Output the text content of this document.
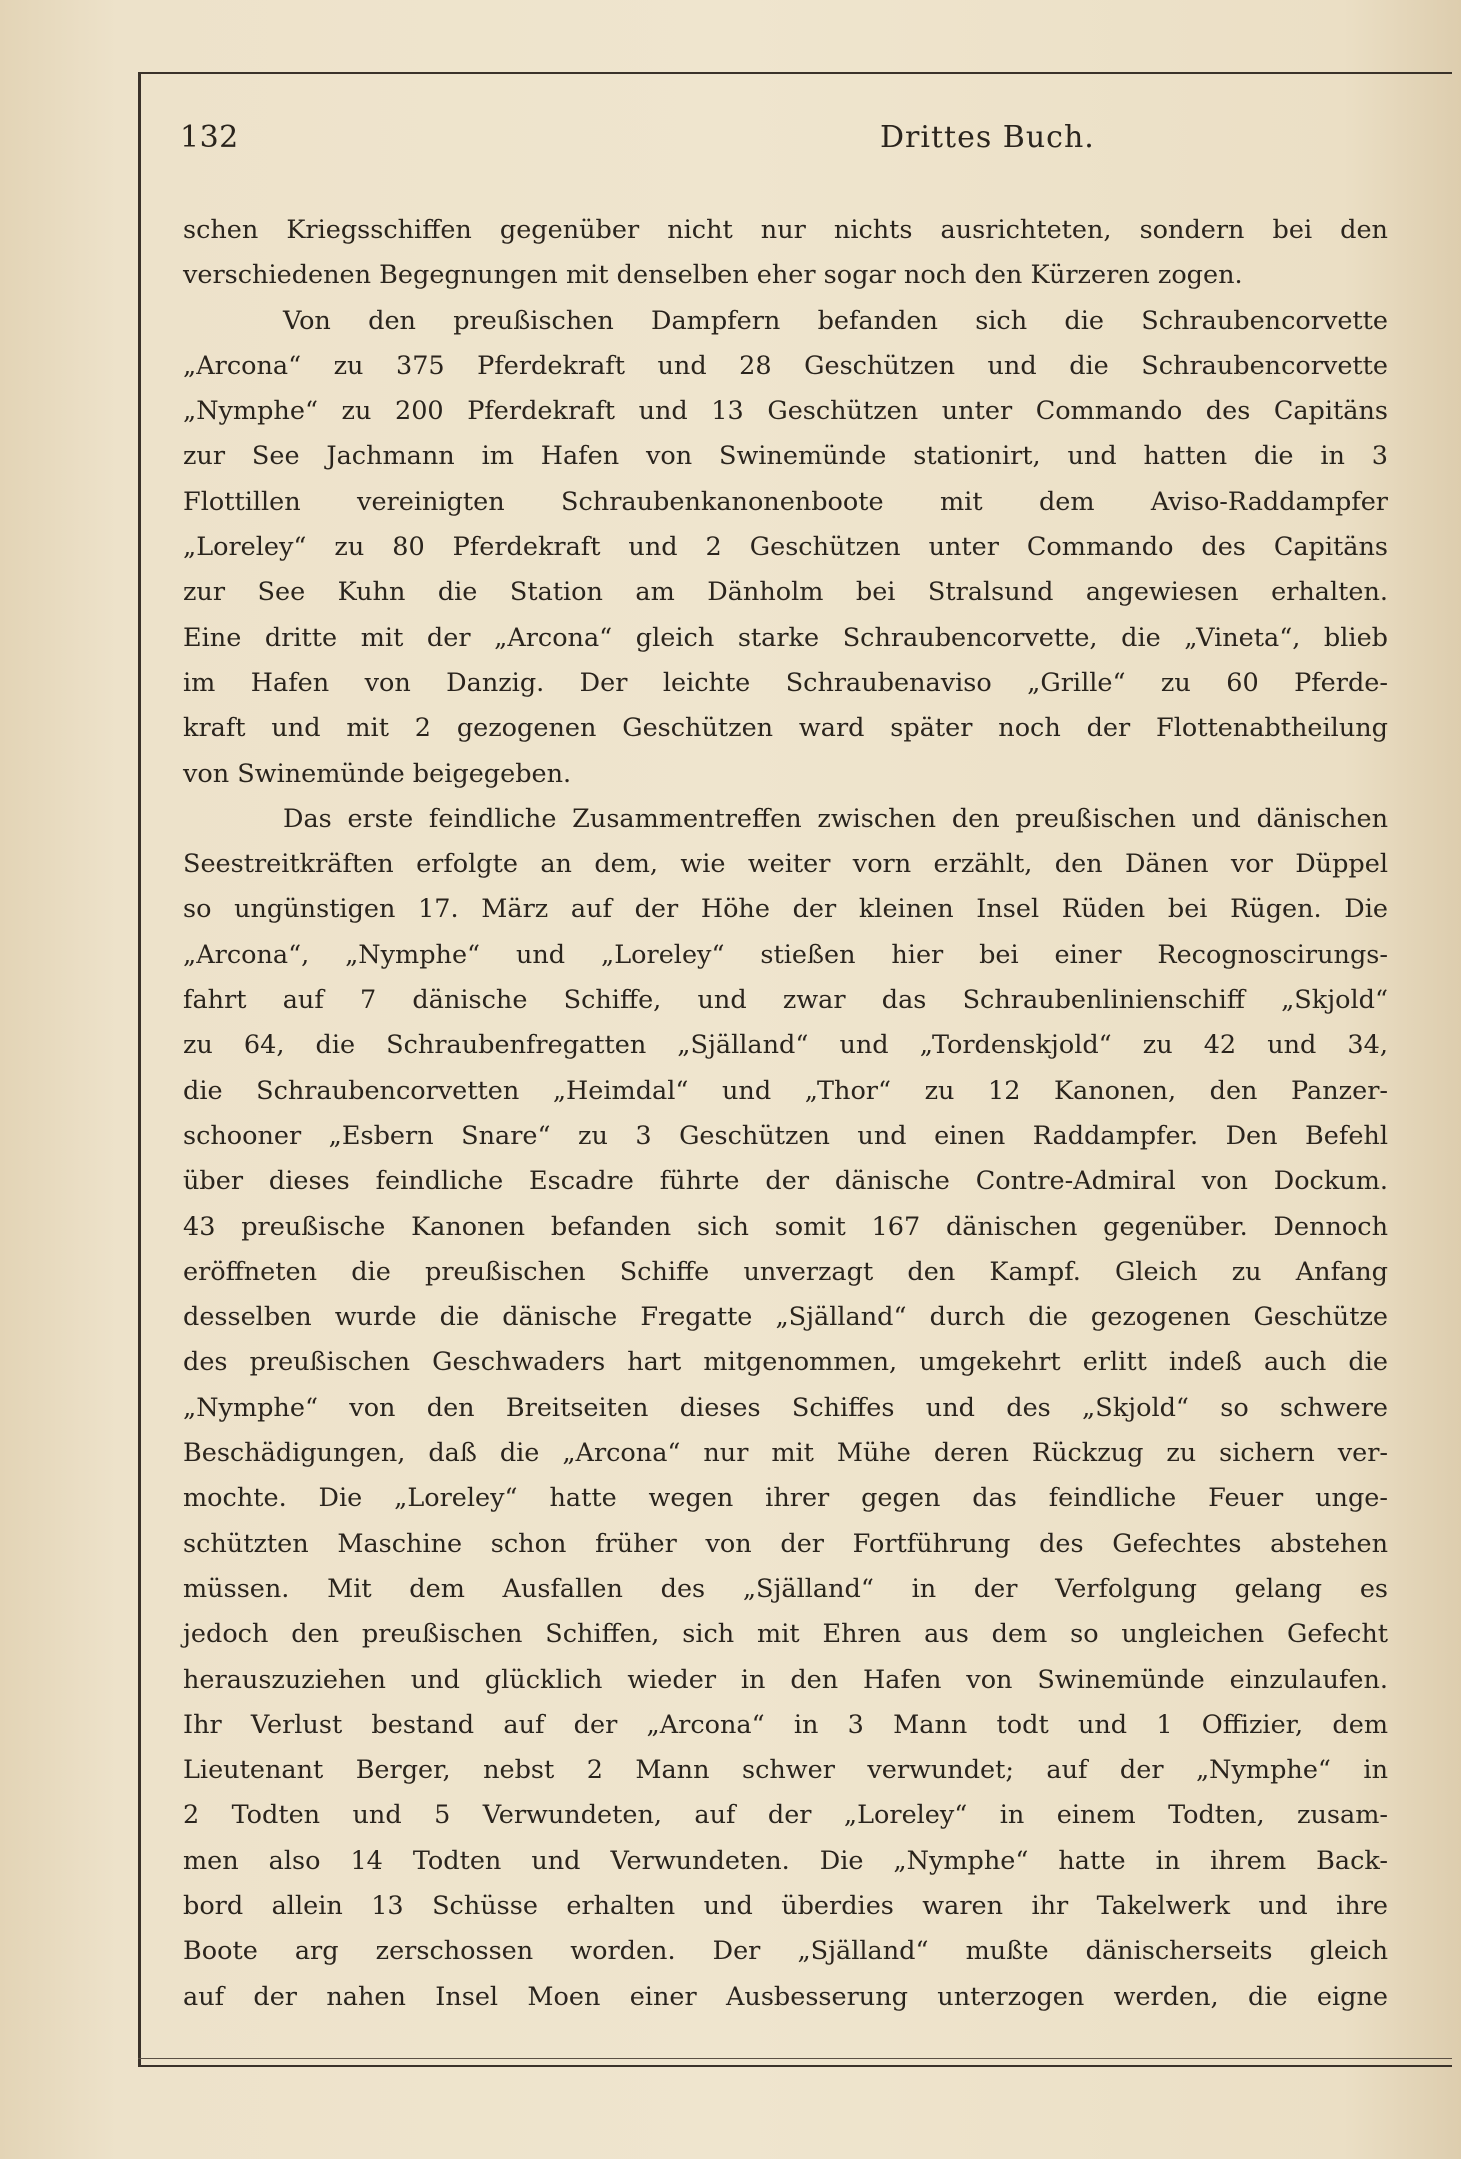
132	Drittes Buch.
schen Kriegsschiffen gegenüber nicht nur nichts ausrichteten, sondern bei den
verschiedenen Begegnungen mit denselben eher sogar noch den Kürzeren zogen.
Von den preußischen Dampfern befanden sich die Schraubencorvette
„Arcona“ zu 375 Pferdekraft und 28 Geschützen und die Schraubencorvette
„Nymphe“ zu 200 Pferdekraft und 13 Geschützen unter Commando des Capitäns
zur See Jachmann im Hafen von Swinemünde stationirt, und hatten die in 3
Flottillen vereinigten Schraubenkanonenboote mit dem Aviso-Raddampfer
„Loreley“ zu 80 Pferdekraft und 2 Geschützen unter Commando des Capitäns
zur See Kuhn die Station am Dänholm bei Stralsund angewiesen erhalten.
Eine dritte mit der „Arcona“ gleich starke Schraubencorvette, die „Vineta“, blieb
im Hafen von Danzig. Der leichte Schraubenaviso „Grille“ zu 60 Pferde-
kraft und mit 2 gezogenen Geschützen ward später noch der Flottenabtheilung
von Swinemünde beigegeben.
Das erste feindliche Zusammentreffen zwischen den preußischen und dänischen
Seestreitkräften erfolgte an dem, wie weiter vorn erzählt, den Dänen vor Düppel
so ungünstigen 17. März auf der Höhe der kleinen Insel Rüden bei Rügen. Die
„Arcona“, „Nymphe“ und „Loreley“ stießen hier bei einer Recognoscirungs-
fahrt auf 7 dänische Schiffe, und zwar das Schraubenlinienschiff „Skjold“
zu 64, die Schraubenfregatten „Själland“ und „Tordenskjold“ zu 42 und 34,
die Schraubencorvetten „Heimdal“ und „Thor“ zu 12 Kanonen, den Panzer-
schooner „Esbern Snare“ zu 3 Geschützen und einen Raddampfer. Den Befehl
über dieses feindliche Escadre führte der dänische Contre-Admiral von Dockum.
43 preußische Kanonen befanden sich somit 167 dänischen gegenüber. Dennoch
eröffneten die preußischen Schiffe unverzagt den Kampf. Gleich zu Anfang
desselben wurde die dänische Fregatte „Själland“ durch die gezogenen Geschütze
des preußischen Geschwaders hart mitgenommen, umgekehrt erlitt indeß auch die
„Nymphe“ von den Breitseiten dieses Schiffes und des „Skjold“ so schwere
Beschädigungen, daß die „Arcona“ nur mit Mühe deren Rückzug zu sichern ver-
mochte. Die „Loreley“ hatte wegen ihrer gegen das feindliche Feuer unge-
schützten Maschine schon früher von der Fortführung des Gefechtes abstehen
müssen. Mit dem Ausfallen des „Själland“ in der Verfolgung gelang es
jedoch den preußischen Schiffen, sich mit Ehren aus dem so ungleichen Gefecht
herauszuziehen und glücklich wieder in den Hafen von Swinemünde einzulaufen.
Ihr Verlust bestand auf der „Arcona“ in 3 Mann todt und 1 Offizier, dem
Lieutenant Berger, nebst 2 Mann schwer verwundet; auf der „Nymphe“ in
2 Todten und 5 Verwundeten, auf der „Loreley“ in einem Todten, zusam-
men also 14 Todten und Verwundeten. Die „Nymphe“ hatte in ihrem Back-
bord allein 13 Schüsse erhalten und überdies waren ihr Takelwerk und ihre
Boote arg zerschossen worden. Der „Själland“ mußte dänischerseits gleich
auf der nahen Insel Moen einer Ausbesserung unterzogen werden, die eigne
